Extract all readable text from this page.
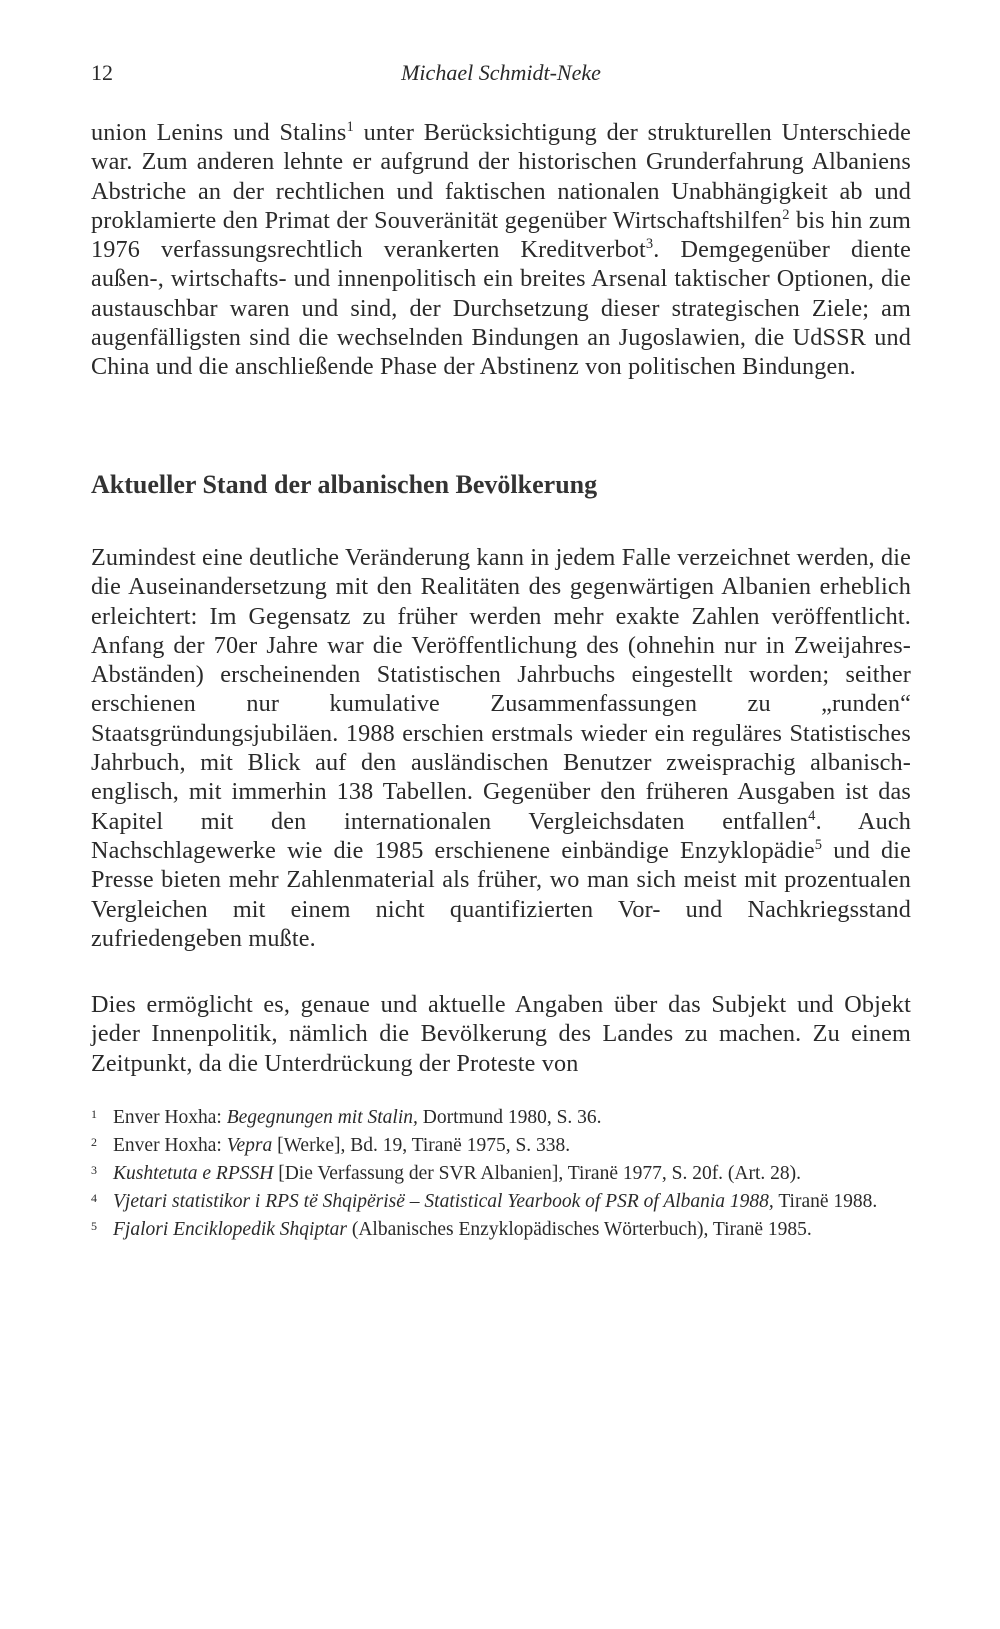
12	Michael Schmidt-Neke

union Lenins und Stalins$^1$ unter Berücksichtigung der strukturellen Unterschiede war. Zum anderen lehnte er aufgrund der historischen Grunderfahrung Albaniens Abstriche an der rechtlichen und faktischen nationalen Unabhängigkeit ab und proklamierte den Primat der Souveränität gegenüber Wirtschaftshilfen$^2$ bis hin zum 1976 verfassungsrechtlich verankerten Kreditverbot$^3$. Demgegenüber diente außen-, wirtschafts- und innenpolitisch ein breites Arsenal taktischer Optionen, die austauschbar waren und sind, der Durchsetzung dieser strategischen Ziele; am augenfälligsten sind die wechselnden Bindungen an Jugoslawien, die UdSSR und China und die anschließende Phase der Abstinenz von politischen Bindungen.

Aktueller Stand der albanischen Bevölkerung

Zumindest eine deutliche Veränderung kann in jedem Falle verzeichnet werden, die die Auseinandersetzung mit den Realitäten des gegenwärtigen Albanien erheblich erleichtert: Im Gegensatz zu früher werden mehr exakte Zahlen veröffentlicht. Anfang der 70er Jahre war die Veröffentlichung des (ohnehin nur in Zweijahres-Abständen) erscheinenden Statistischen Jahrbuchs eingestellt worden; seither erschienen nur kumulative Zusammenfassungen zu „runden“ Staatsgründungsjubiläen. 1988 erschien erstmals wieder ein reguläres Statistisches Jahrbuch, mit Blick auf den ausländischen Benutzer zweisprachig albanisch-englisch, mit immerhin 138 Tabellen. Gegenüber den früheren Ausgaben ist das Kapitel mit den internationalen Vergleichsdaten entfallen$^4$. Auch Nachschlagewerke wie die 1985 erschienene einbändige Enzyklopädie$^5$ und die Presse bieten mehr Zahlenmaterial als früher, wo man sich meist mit prozentualen Vergleichen mit einem nicht quantifizierten Vor- und Nachkriegsstand zufriedengeben mußte.

Dies ermöglicht es, genaue und aktuelle Angaben über das Subjekt und Objekt jeder Innenpolitik, nämlich die Bevölkerung des Landes zu machen. Zu einem Zeitpunkt, da die Unterdrückung der Proteste von
1 Enver Hoxha: Begegnungen mit Stalin, Dortmund 1980, S. 36.
2 Enver Hoxha: Vepra [Werke], Bd. 19, Tiranë 1975, S. 338.
3 Kushtetuta e RPSSH [Die Verfassung der SVR Albanien], Tiranë 1977, S. 20f. (Art. 28).
4 Vjetari statistikor i RPS të Shqipërisë – Statistical Yearbook of PSR of Albania 1988, Tiranë 1988.
5 Fjalori Enciklopedik Shqiptar (Albanisches Enzyklopädisches Wörterbuch), Tiranë 1985.
